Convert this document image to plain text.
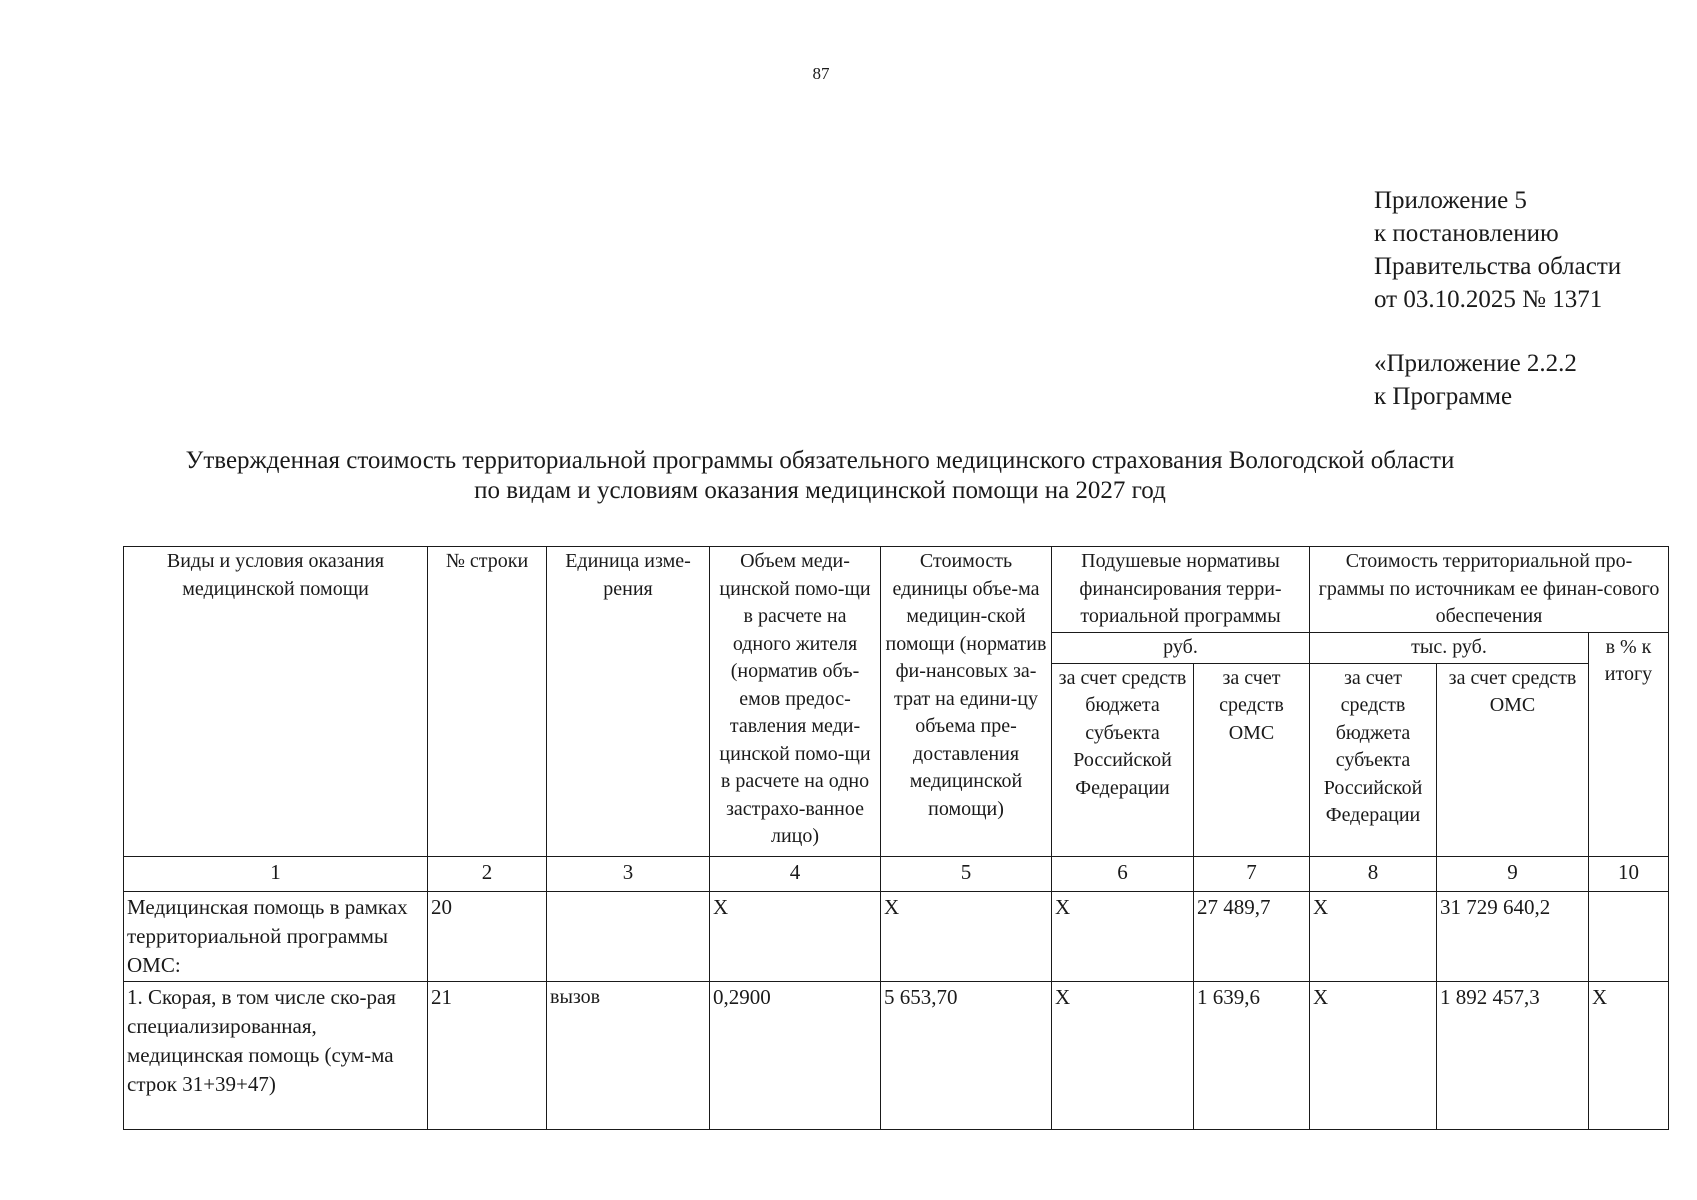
87
Приложение 5
к постановлению
Правительства области
от 03.10.2025 № 1371
«Приложение 2.2.2
к Программе
Утвержденная стоимость территориальной программы обязательного медицинского страхования Вологодской области
по видам и условиям оказания медицинской помощи на 2027 год
Виды и условия оказания медицинской помощи	№ строки	Единица изме-рения	Объем меди-цинской помо-щи в расчете на одного жителя (норматив объ-емов предос-тавления меди-цинской помо-щи в расчете на одно застрахо-ванное лицо)	Стоимость единицы объе-ма медицин-ской помощи (норматив фи-нансовых за-трат на едини-цу объема пре-доставления медицинской помощи)	Подушевые нормативы финансирования терри-ториальной программы		Стоимость территориальной про-граммы по источникам ее финан-сового обеспечения		
					руб.		тыс. руб.		в % к итогу
					за счет средств бюджета субъекта Российской Федерации	за счет средств ОМС	за счет средств бюджета субъекта Российской Федерации	за счет средств ОМС	
1	2	3	4	5	6	7	8	9	10
Медицинская помощь в рамках территориальной программы ОМС:	20		X	X	X	27 489,7	X	31 729 640,2	
1. Скорая, в том числе ско-рая специализированная, медицинская помощь (сум-ма строк 31+39+47)	21	вызов	0,2900	5 653,70	X	1 639,6	X	1 892 457,3	X
